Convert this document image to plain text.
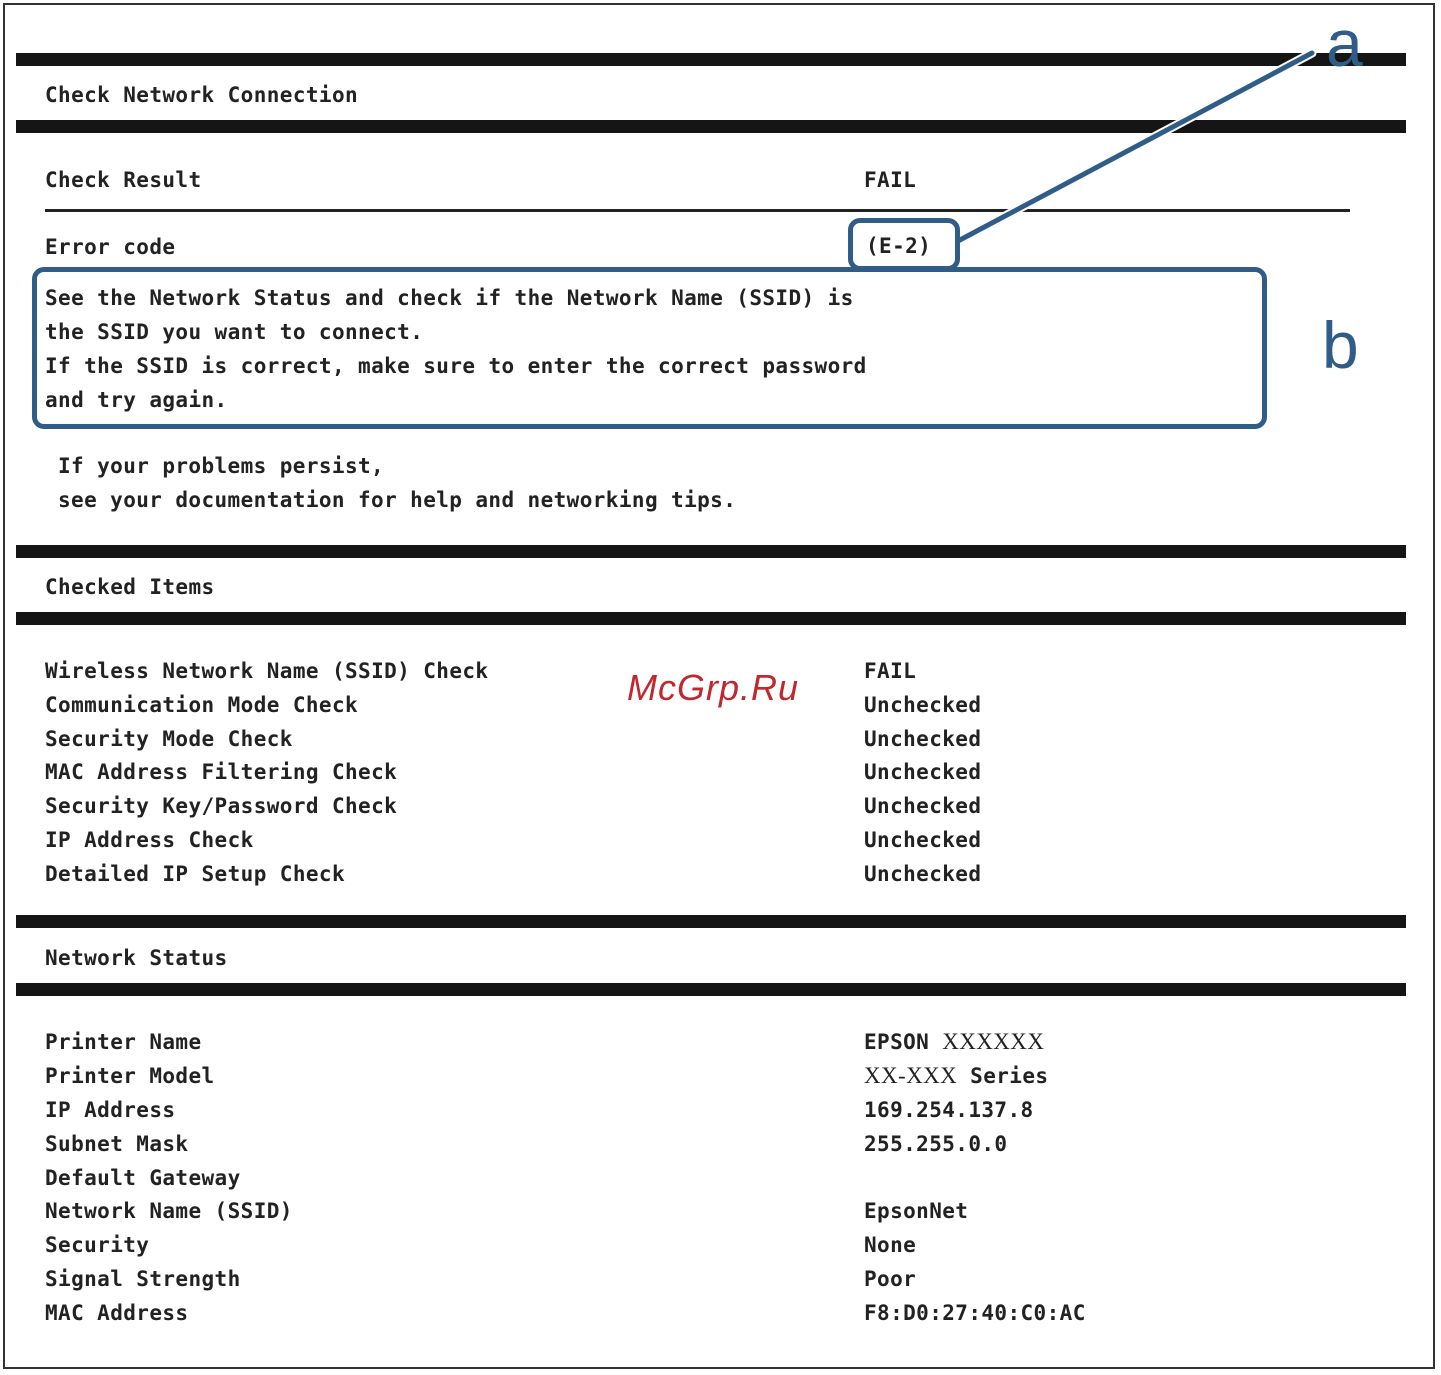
Check Network Connection
Check Result	FAIL
Error code	(E-2)
See the Network Status and check if the Network Name (SSID) is
the SSID you want to connect.
If the SSID is correct, make sure to enter the correct password
and try again.
If your problems persist,
see your documentation for help and networking tips.
Checked Items
Wireless Network Name (SSID) Check	FAIL
Communication Mode Check	Unchecked
Security Mode Check	Unchecked
MAC Address Filtering Check	Unchecked
Security Key/Password Check	Unchecked
IP Address Check	Unchecked
Detailed IP Setup Check	Unchecked
Network Status
Printer Name	EPSON XXXXXX
Printer Model	XX-XXX Series
IP Address	169.254.137.8
Subnet Mask	255.255.0.0
Default Gateway
Network Name (SSID)	EpsonNet
Security	None
Signal Strength	Poor
MAC Address	F8:D0:27:40:C0:AC
a
b
McGrp.Ru
